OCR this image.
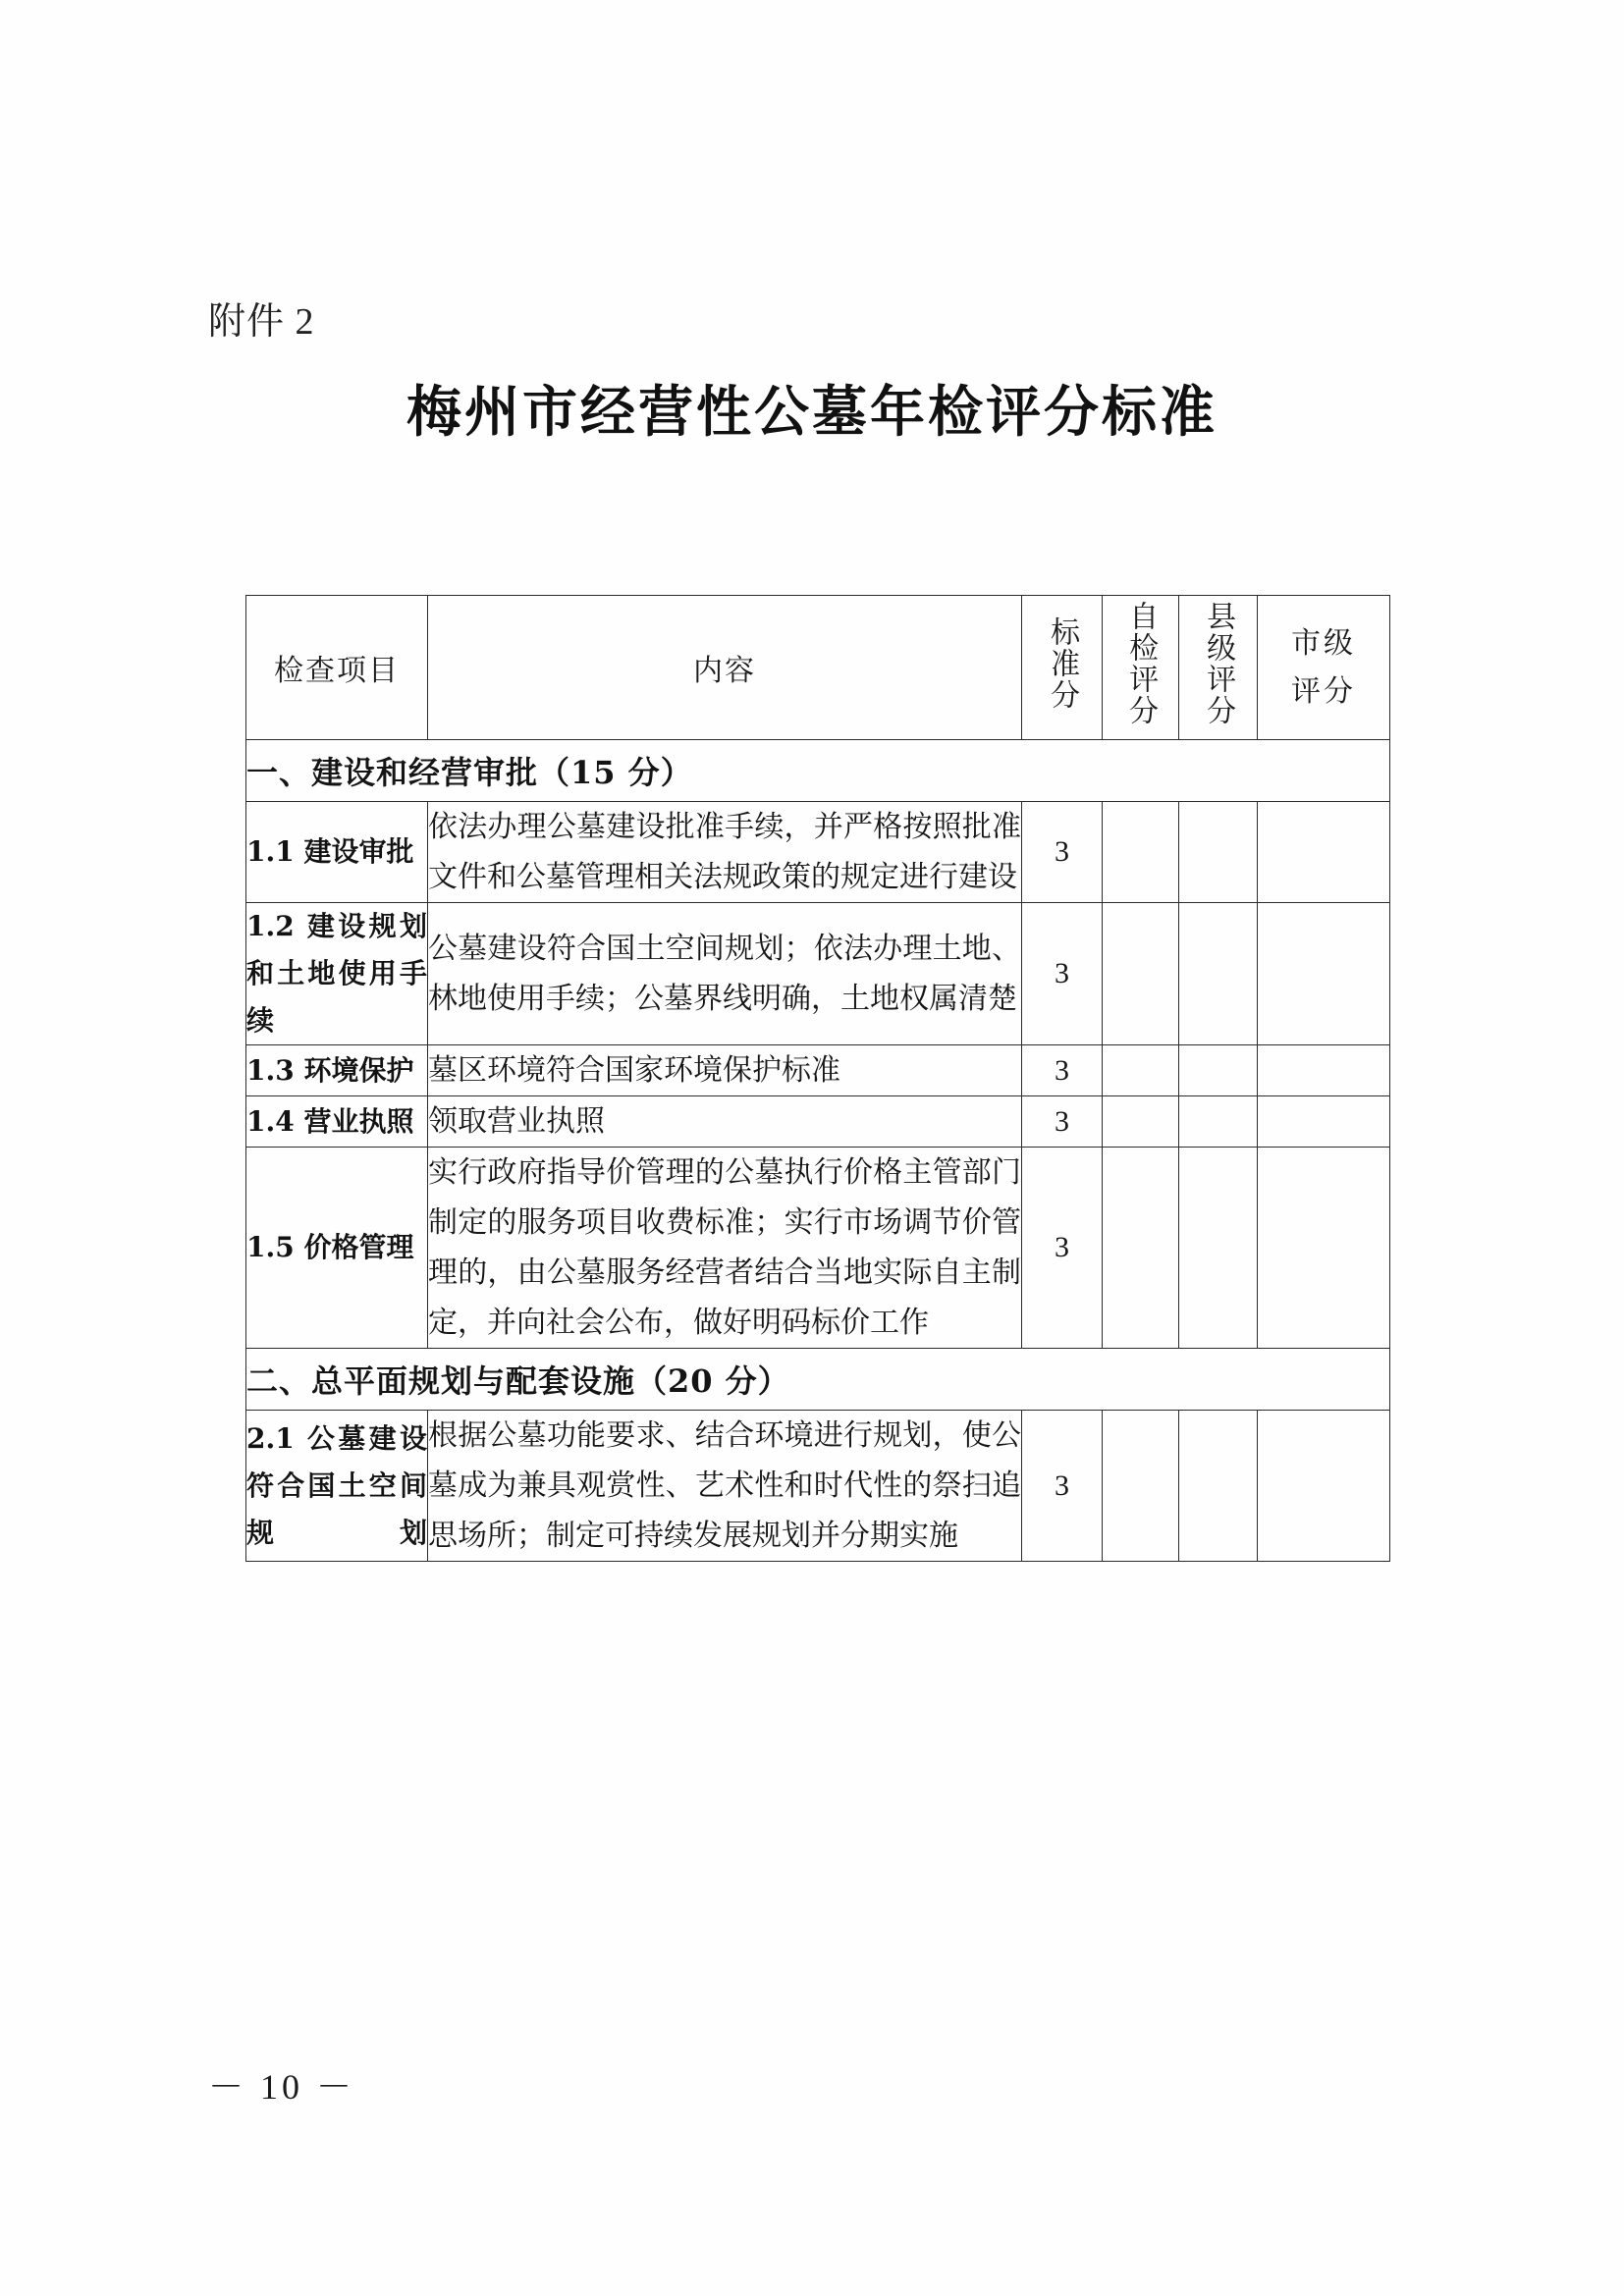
附件 2
梅州市经营性公墓年检评分标准
检查项目	内容	标准分	自检评分	县级评分	市级
评分

一、建设和经营审批（15 分）					
1.1 建设审批	依法办理公墓建设批准手续，并严格按照批准文件和公墓管理相关法规政策的规定进行建设	3			
1.2 建设规划和土地使用手续	公墓建设符合国土空间规划；依法办理土地、林地使用手续；公墓界线明确，土地权属清楚	3			
1.3 环境保护	墓区环境符合国家环境保护标准	3			
1.4 营业执照	领取营业执照	3			
1.5 价格管理	实行政府指导价管理的公墓执行价格主管部门制定的服务项目收费标准；实行市场调节价管理的，由公墓服务经营者结合当地实际自主制定，并向社会公布，做好明码标价工作	3			
二、总平面规划与配套设施（20 分）					
2.1 公墓建设符合国土空间规划	根据公墓功能要求、结合环境进行规划，使公墓成为兼具观赏性、艺术性和时代性的祭扫追思场所；制定可持续发展规划并分期实施	3			
－ 10 －
